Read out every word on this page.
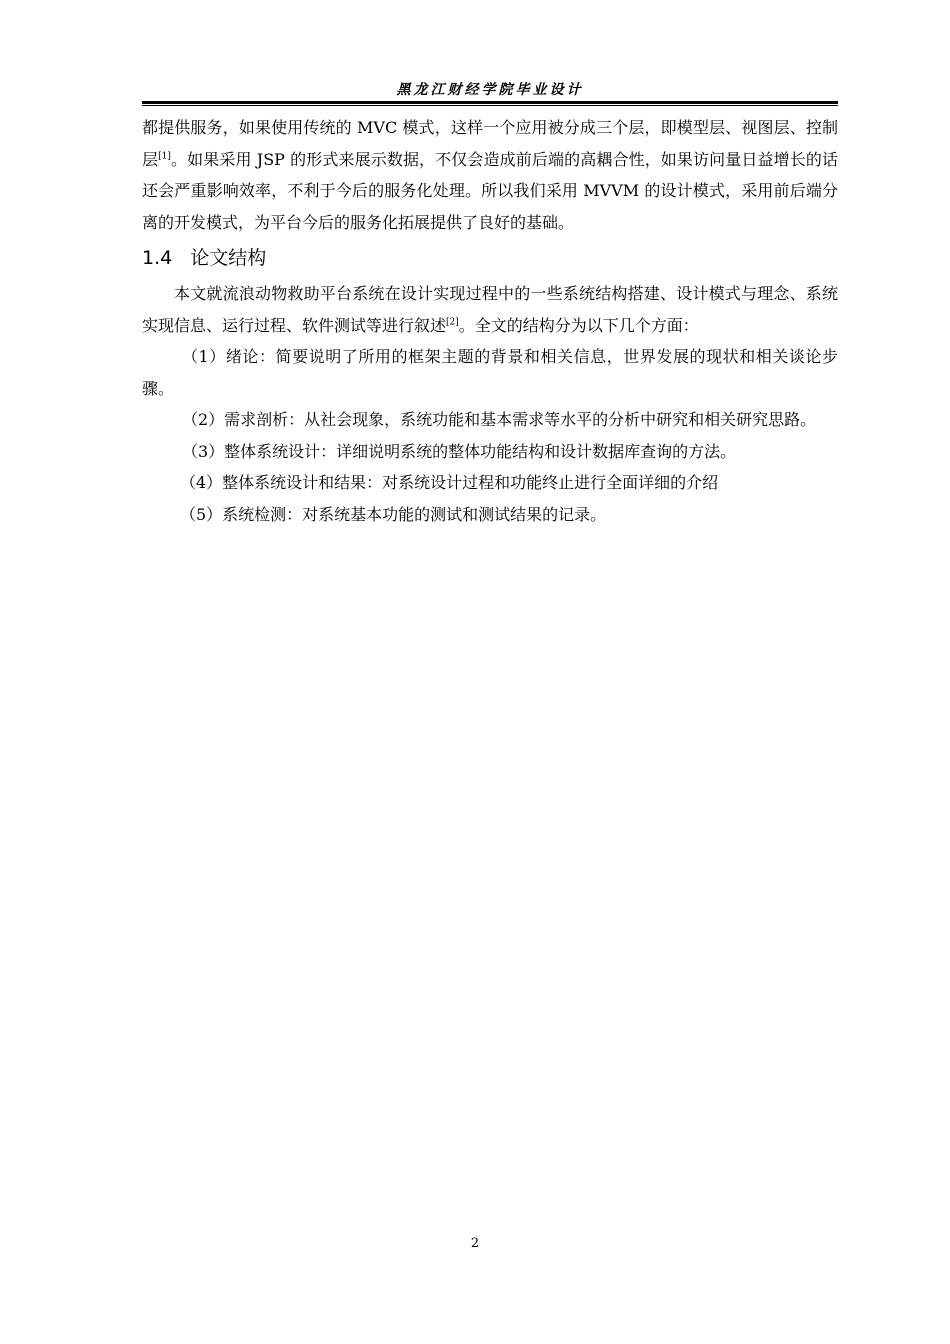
黑龙江财经学院毕业设计

都提供服务，如果使用传统的 MVC 模式，这样一个应用被分成三个层，即模型层、视图层、控制层[1]。如果采用 JSP 的形式来展示数据，不仅会造成前后端的高耦合性，如果访问量日益增长的话还会严重影响效率，不利于今后的服务化处理。所以我们采用 MVVM 的设计模式，采用前后端分离的开发模式，为平台今后的服务化拓展提供了良好的基础。

1.4 论文结构

本文就流浪动物救助平台系统在设计实现过程中的一些系统结构搭建、设计模式与理念、系统实现信息、运行过程、软件测试等进行叙述[2]。全文的结构分为以下几个方面：

（1）绪论：简要说明了所用的框架主题的背景和相关信息，世界发展的现状和相关谈论步骤。

（2）需求剖析：从社会现象，系统功能和基本需求等水平的分析中研究和相关研究思路。

（3）整体系统设计：详细说明系统的整体功能结构和设计数据库查询的方法。

（4）整体系统设计和结果：对系统设计过程和功能终止进行全面详细的介绍

（5）系统检测：对系统基本功能的测试和测试结果的记录。

2
